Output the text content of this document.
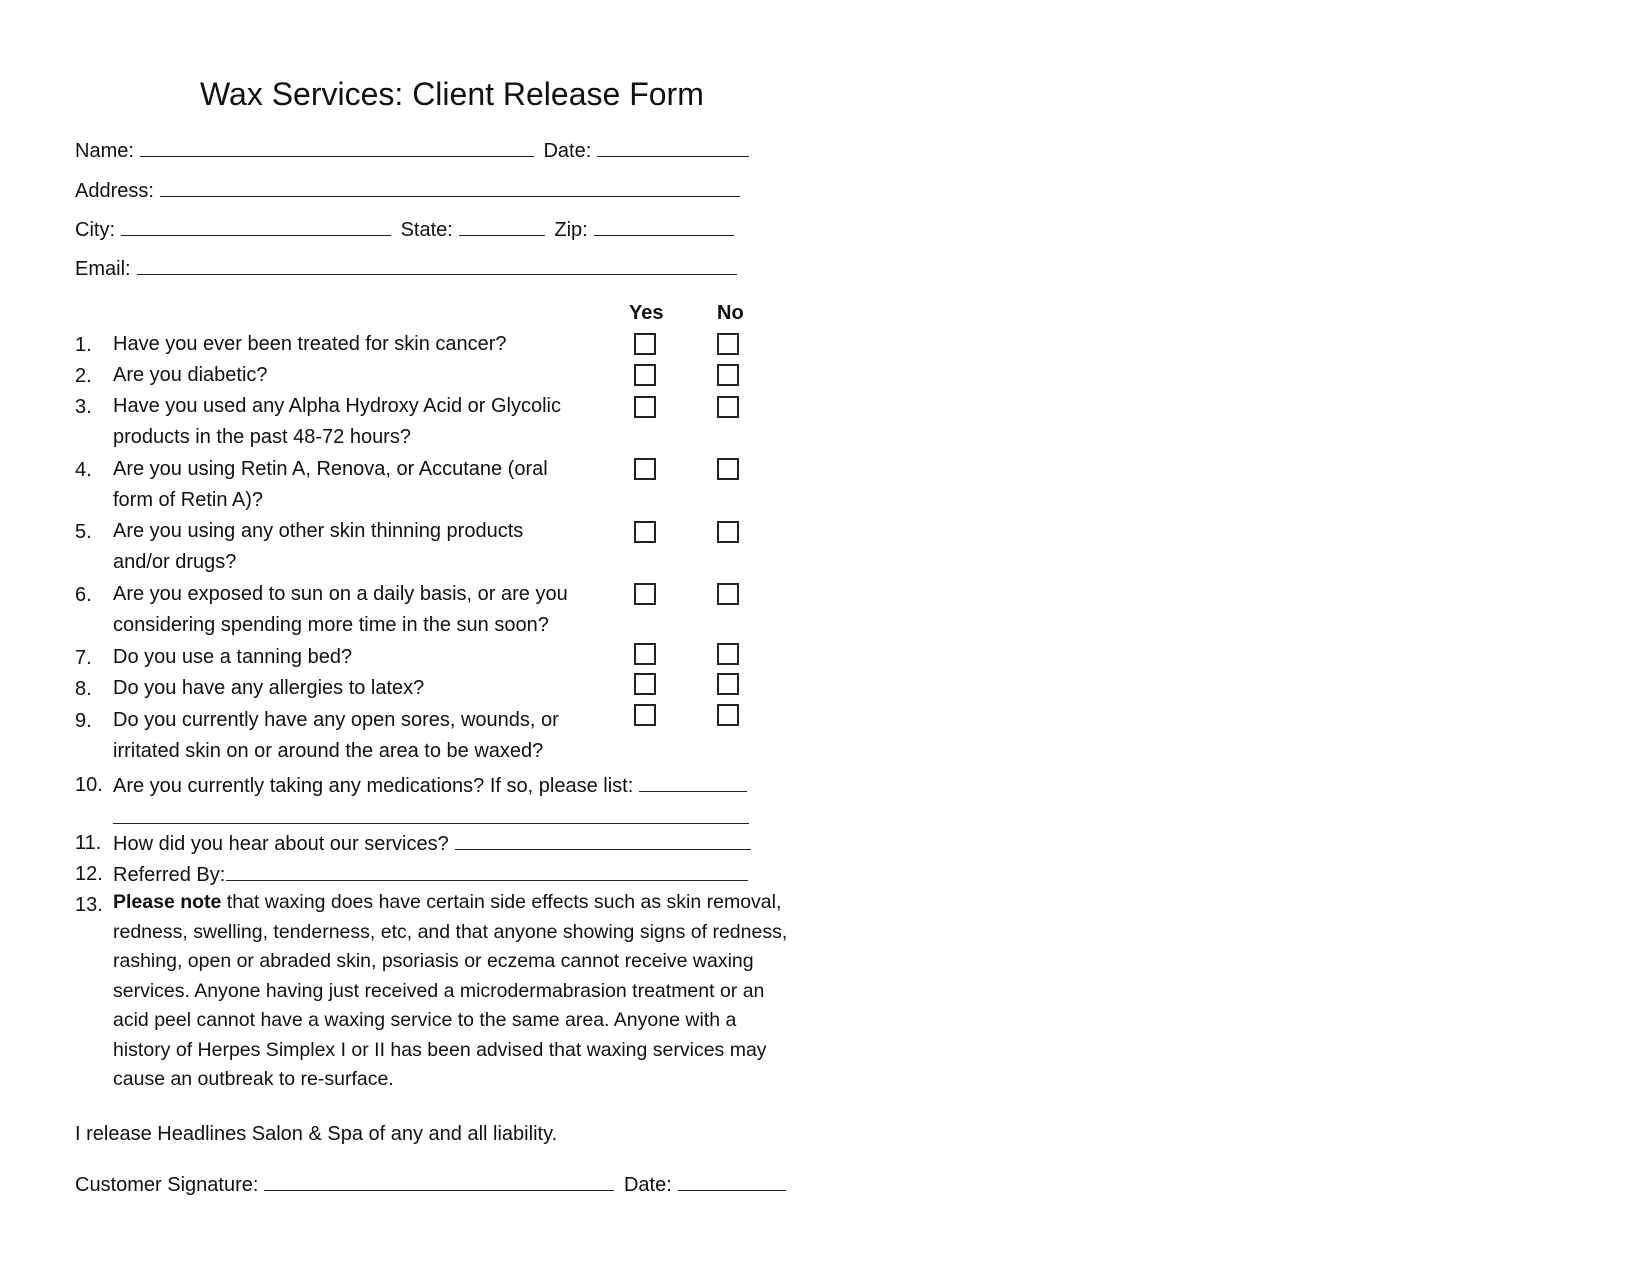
Wax Services: Client Release Form
Name:	Date:
Address:
City:	State:	Zip:
Email:
Yes	No
1. Have you ever been treated for skin cancer?
2. Are you diabetic?
3. Have you used any Alpha Hydroxy Acid or Glycolic products in the past 48-72 hours?
4. Are you using Retin A, Renova, or Accutane (oral form of Retin A)?
5. Are you using any other skin thinning products and/or drugs?
6. Are you exposed to sun on a daily basis, or are you considering spending more time in the sun soon?
7. Do you use a tanning bed?
8. Do you have any allergies to latex?
9. Do you currently have any open sores, wounds, or irritated skin on or around the area to be waxed?
10. Are you currently taking any medications? If so, please list:
11. How did you hear about our services?
12. Referred By:
13. Please note that waxing does have certain side effects such as skin removal, redness, swelling, tenderness, etc, and that anyone showing signs of redness, rashing, open or abraded skin, psoriasis or eczema cannot receive waxing services. Anyone having just received a microdermabrasion treatment or an acid peel cannot have a waxing service to the same area. Anyone with a history of Herpes Simplex I or II has been advised that waxing services may cause an outbreak to re-surface.
I release Headlines Salon & Spa of any and all liability.
Customer Signature:	Date:
